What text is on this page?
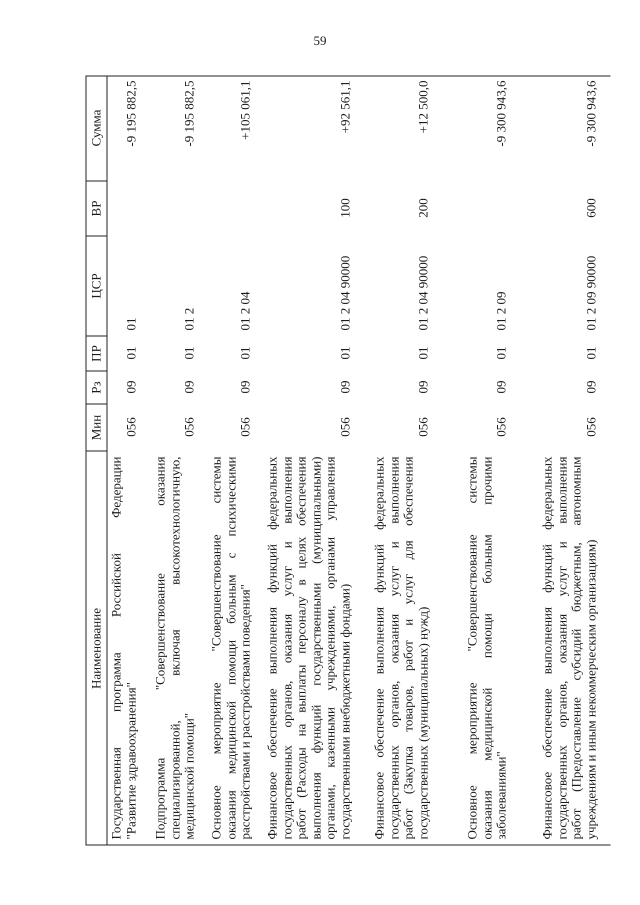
59
Наименование
Мин
Рз
ПР
ЦСР
ВР
Сумма
Государственная программа Российской Федерации "Развитие здравоохранения"
056
09
01
01
-9 195 882,5
Подпрограмма "Совершенствование оказания специализированной, включая высокотехнологичную, медицинской помощи"
056
09
01
01 2
-9 195 882,5
Основное мероприятие "Совершенствование системы оказания медицинской помощи больным с психическими расстройствами и расстройствами поведения"
056
09
01
01 2 04
+105 061,1
Финансовое обеспечение выполнения функций федеральных государственных органов, оказания услуг и выполнения работ (Расходы на выплаты персоналу в целях обеспечения выполнения функций государственными (муниципальными) органами, казенными учреждениями, органами управления государственными внебюджетными фондами)
056
09
01
01 2 04 90000
100
+92 561,1
Финансовое обеспечение выполнения функций федеральных государственных органов, оказания услуг и выполнения работ (Закупка товаров, работ и услуг для обеспечения государственных (муниципальных) нужд)
056
09
01
01 2 04 90000
200
+12 500,0
Основное мероприятие "Совершенствование системы оказания медицинской помощи больным прочими заболеваниями"
056
09
01
01 2 09
-9 300 943,6
Финансовое обеспечение выполнения функций федеральных государственных органов, оказания услуг и выполнения работ (Предоставление субсидий бюджетным, автономным учреждениям и иным некоммерческим организациям)
056
09
01
01 2 09 90000
600
-9 300 943,6
